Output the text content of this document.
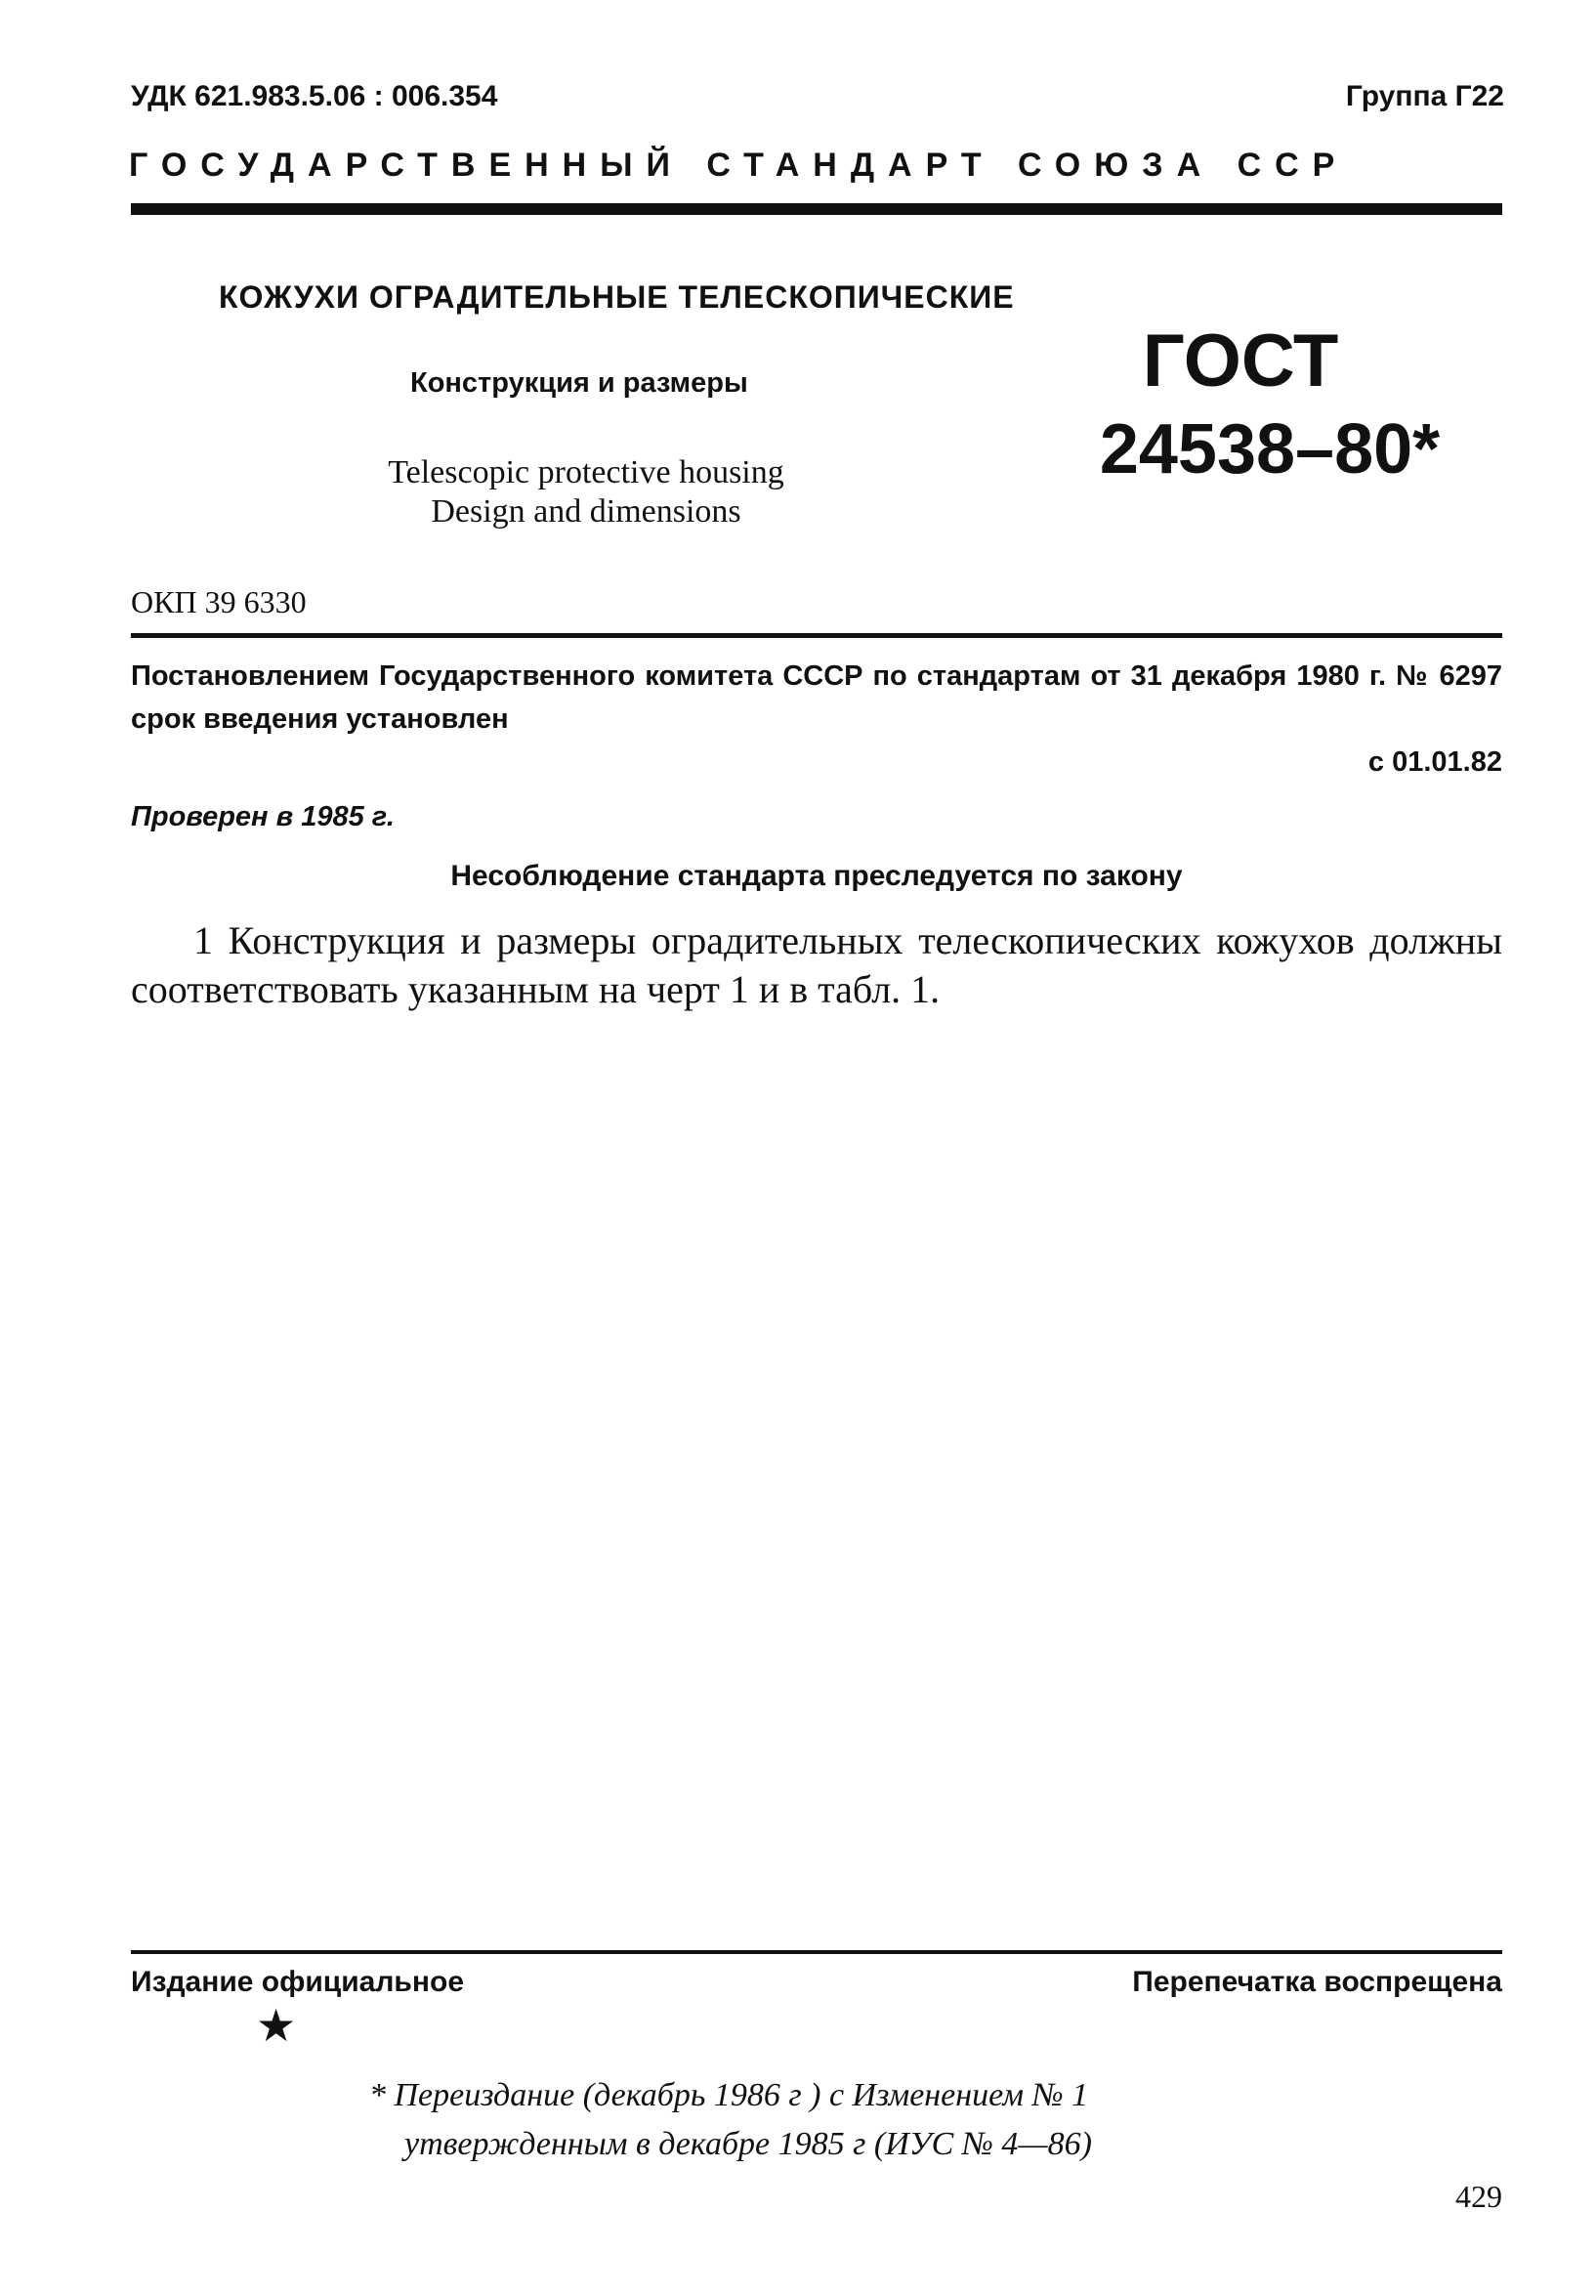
УДК 621.983.5.06 : 006.354	Группа Г22
ГОСУДАРСТВЕННЫЙ СТАНДАРТ СОЮЗА ССР
КОЖУХИ ОГРАДИТЕЛЬНЫЕ ТЕЛЕСКОПИЧЕСКИЕ
Конструкция и размеры
Telescopic protective housing
Design and dimensions
ГОСТ
24538–80*
ОКП 39 6330
Постановлением Государственного комитета СССР по стандартам от 31 декабря 1980 г. № 6297 срок введения установлен
с 01.01.82
Проверен в 1985 г.
Несоблюдение стандарта преследуется по закону
1 Конструкция и размеры оградительных телескопических кожухов должны соответствовать указанным на черт 1 и в табл. 1.
Издание официальное	Перепечатка воспрещена
★
* Переиздание (декабрь 1986 г ) с Изменением № 1
утвержденным в декабре 1985 г (ИУС № 4—86)
429
